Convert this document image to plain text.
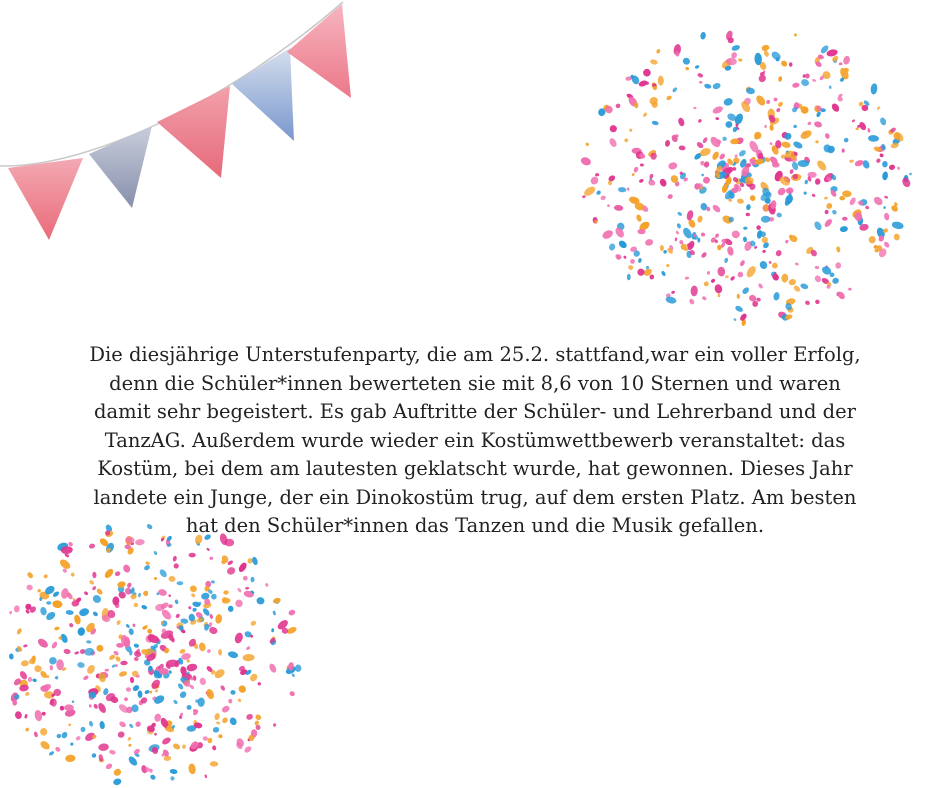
Die diesjährige Unterstufenparty, die am 25.2. stattfand,war ein voller Erfolg, denn die Schüler*innen bewerteten sie mit 8,6 von 10 Sternen und waren damit sehr begeistert. Es gab Auftritte der Schüler- und Lehrerband und der TanzAG. Außerdem wurde wieder ein Kostümwettbewerb veranstaltet: das Kostüm, bei dem am lautesten geklatscht wurde, hat gewonnen. Dieses Jahr landete ein Junge, der ein Dinokostüm trug, auf dem ersten Platz. Am besten hat den Schüler*innen das Tanzen und die Musik gefallen.
